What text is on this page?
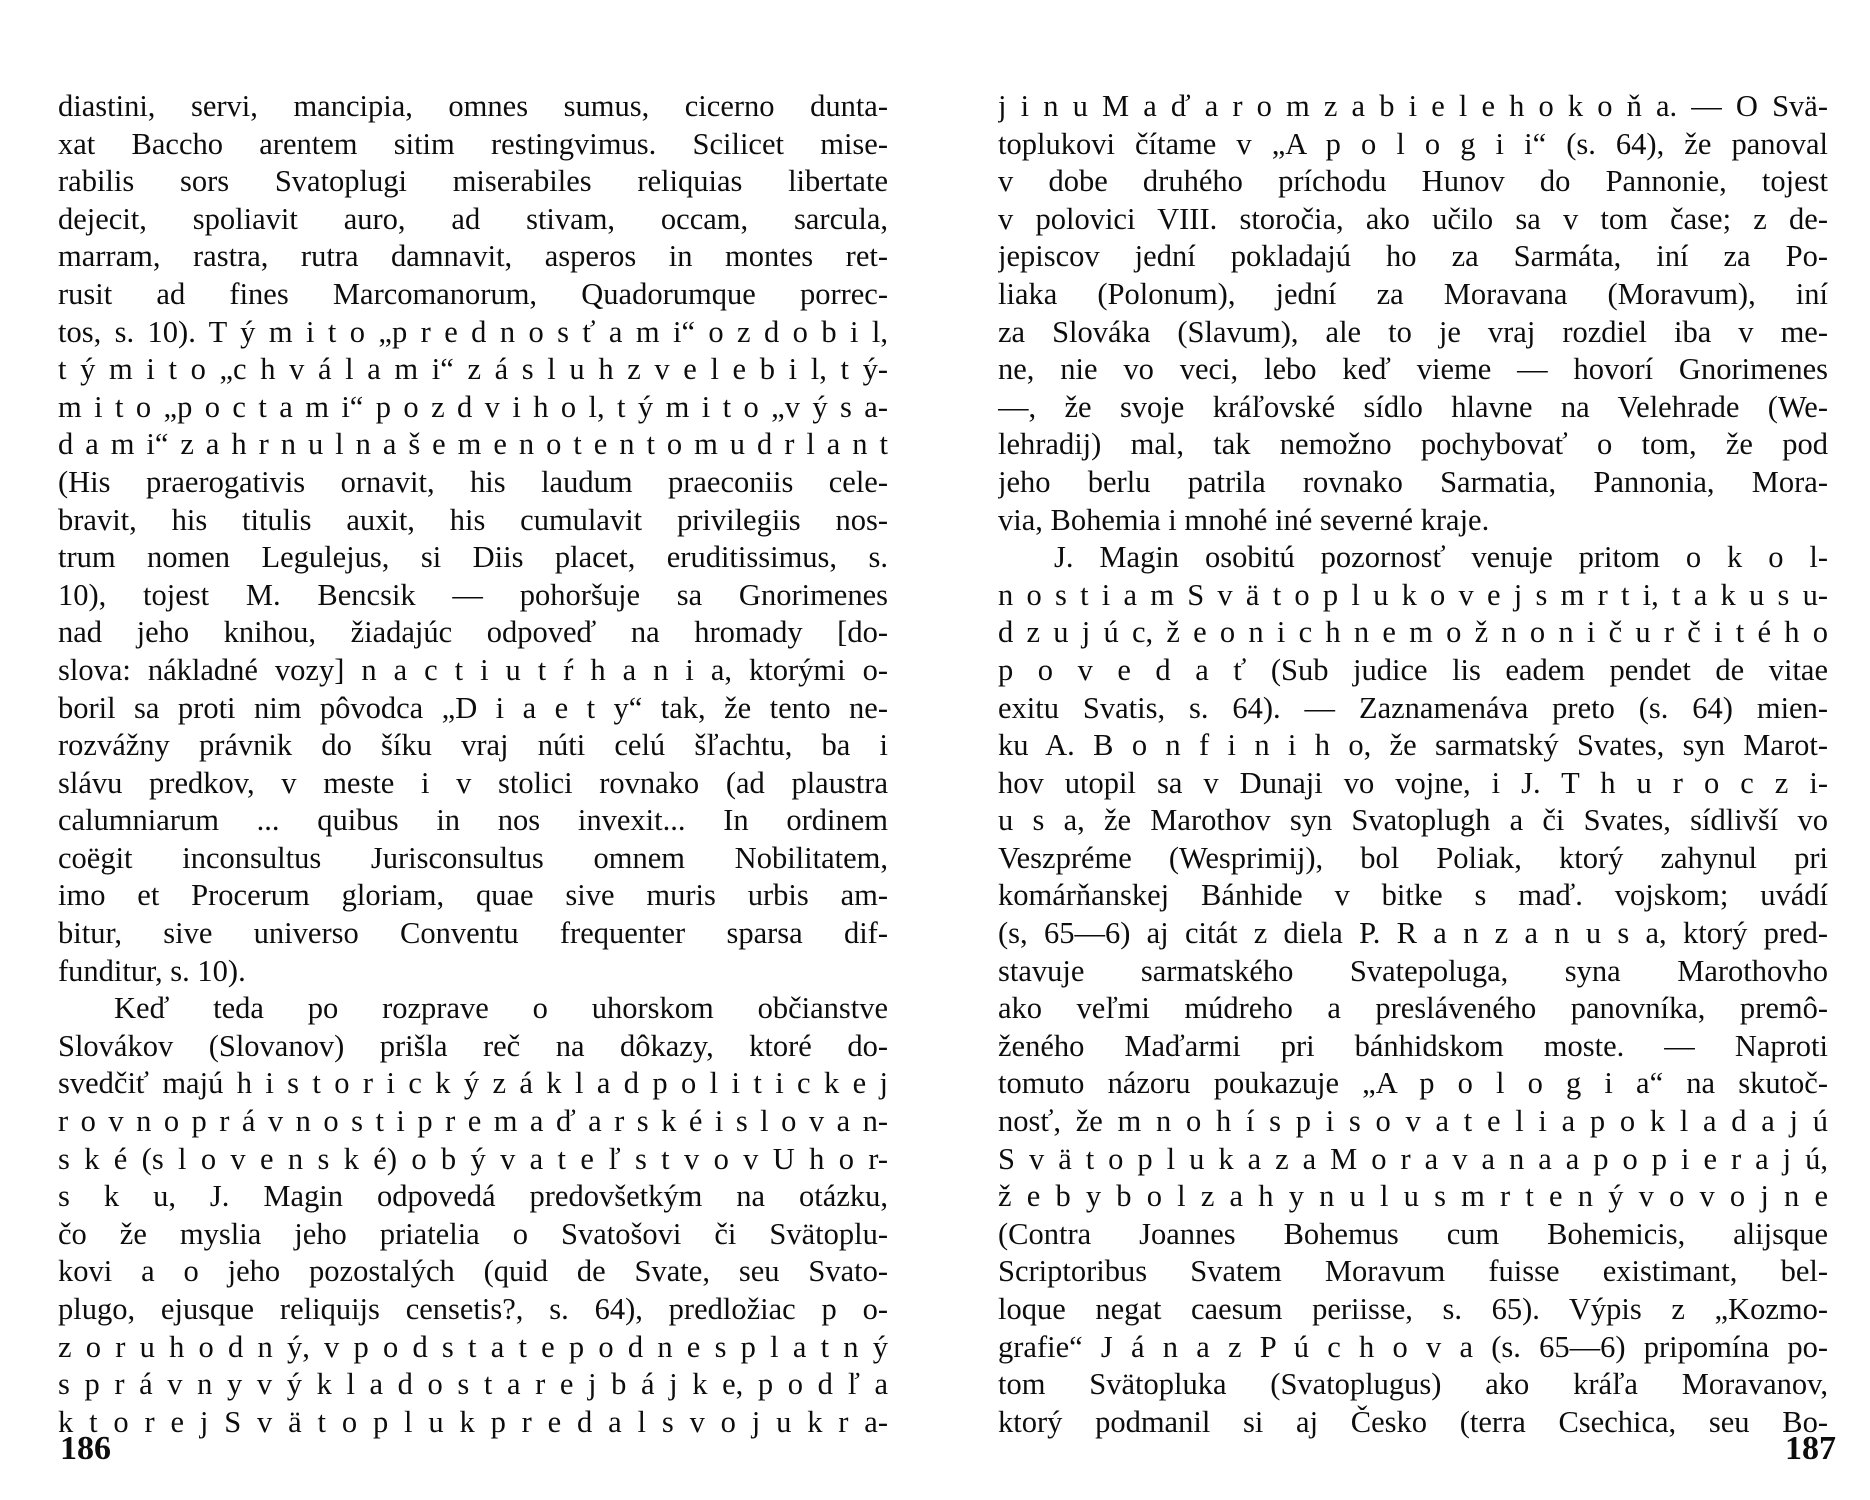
diastini, servi, mancipia, omnes sumus, cicerno dunta-
xat Baccho arentem sitim restingvimus. Scilicet mise-
rabilis sors Svatoplugi miserabiles reliquias libertate
dejecit, spoliavit auro, ad stivam, occam, sarcula,
marram, rastra, rutra damnavit, asperos in montes ret-
rusit ad fines Marcomanorum, Quadorumque porrec-
tos, s. 10). T ý m i t o „p r e d n o s ť a m i“ o z d o b i l,
t ý m i t o „c h v á l a m i“ z á s l u h z v e l e b i l, t ý-
m i t o „p o c t a m i“ p o z d v i h o l, t ý m i t o „v ý s a-
d a m i“ z a h r n u l n a š e m e n o t e n t o m u d r l a n t
(His praerogativis ornavit, his laudum praeconiis cele-
bravit, his titulis auxit, his cumulavit privilegiis nos-
trum nomen Legulejus, si Diis placet, eruditissimus, s.
10), tojest M. Bencsik — pohoršuje sa Gnorimenes
nad jeho knihou, žiadajúc odpoveď na hromady [do-
slova: nákladné vozy] n a c t i u t ŕ h a n i a, ktorými o-
boril sa proti nim pôvodca „D i a e t y“ tak, že tento ne-
rozvážny právnik do šíku vraj núti celú šľachtu, ba i
slávu predkov, v meste i v stolici rovnako (ad plaustra
calumniarum ... quibus in nos invexit... In ordinem
coëgit inconsultus Jurisconsultus omnem Nobilitatem,
imo et Procerum gloriam, quae sive muris urbis am-
bitur, sive universo Conventu frequenter sparsa dif-
funditur, s. 10).
Keď teda po rozprave o uhorskom občianstve
Slovákov (Slovanov) prišla reč na dôkazy, ktoré do-
svedčiť majú h i s t o r i c k ý z á k l a d p o l i t i c k e j
r o v n o p r á v n o s t i p r e m a ď a r s k é i s l o v a n-
s k é (s l o v e n s k é) o b ý v a t e ľ s t v o v U h o r-
s k u, J. Magin odpovedá predovšetkým na otázku,
čo že myslia jeho priatelia o Svatošovi či Svätoplu-
kovi a o jeho pozostalých (quid de Svate, seu Svato-
plugo, ejusque reliquijs censetis?, s. 64), predložiac p o-
z o r u h o d n ý, v p o d s t a t e p o d n e s p l a t n ý
s p r á v n y v ý k l a d o s t a r e j b á j k e, p o d ľ a
k t o r e j S v ä t o p l u k p r e d a l s v o j u k r a-
j i n u M a ď a r o m z a b i e l e h o k o ň a. — O Svä-
toplukovi čítame v „A p o l o g i i“ (s. 64), že panoval
v dobe druhého príchodu Hunov do Pannonie, tojest
v polovici VIII. storočia, ako učilo sa v tom čase; z de-
jepiscov jední pokladajú ho za Sarmáta, iní za Po-
liaka (Polonum), jední za Moravana (Moravum), iní
za Slováka (Slavum), ale to je vraj rozdiel iba v me-
ne, nie vo veci, lebo keď vieme — hovorí Gnorimenes
—, že svoje kráľovské sídlo hlavne na Velehrade (We-
lehradij) mal, tak nemožno pochybovať o tom, že pod
jeho berlu patrila rovnako Sarmatia, Pannonia, Mora-
via, Bohemia i mnohé iné severné kraje.
J. Magin osobitú pozornosť venuje pritom o k o l-
n o s t i a m S v ä t o p l u k o v e j s m r t i, t a k u s u-
d z u j ú c, ž e o n i c h n e m o ž n o n i č u r č i t é h o
p o v e d a ť (Sub judice lis eadem pendet de vitae
exitu Svatis, s. 64). — Zaznamenáva preto (s. 64) mien-
ku A. B o n f i n i h o, že sarmatský Svates, syn Marot-
hov utopil sa v Dunaji vo vojne, i J. T h u r o c z i-
u s a, že Marothov syn Svatoplugh a či Svates, sídlivší vo
Veszpréme (Wesprimij), bol Poliak, ktorý zahynul pri
komárňanskej Bánhide v bitke s maď. vojskom; uvádí
(s, 65—6) aj citát z diela P. R a n z a n u s a, ktorý pred-
stavuje sarmatského Svatepoluga, syna Marothovho
ako veľmi múdreho a presláveného panovníka, premô-
ženého Maďarmi pri bánhidskom moste. — Naproti
tomuto názoru poukazuje „A p o l o g i a“ na skutoč-
nosť, že m n o h í s p i s o v a t e l i a p o k l a d a j ú
S v ä t o p l u k a z a M o r a v a n a a p o p i e r a j ú,
ž e b y b o l z a h y n u l u s m r t e n ý v o v o j n e
(Contra Joannes Bohemus cum Bohemicis, alijsque
Scriptoribus Svatem Moravum fuisse existimant, bel-
loque negat caesum periisse, s. 65). Výpis z „Kozmo-
grafie“ J á n a z P ú c h o v a (s. 65—6) pripomína po-
tom Svätopluka (Svatoplugus) ako kráľa Moravanov,
ktorý podmanil si aj Česko (terra Csechica, seu Bo-
186	187
